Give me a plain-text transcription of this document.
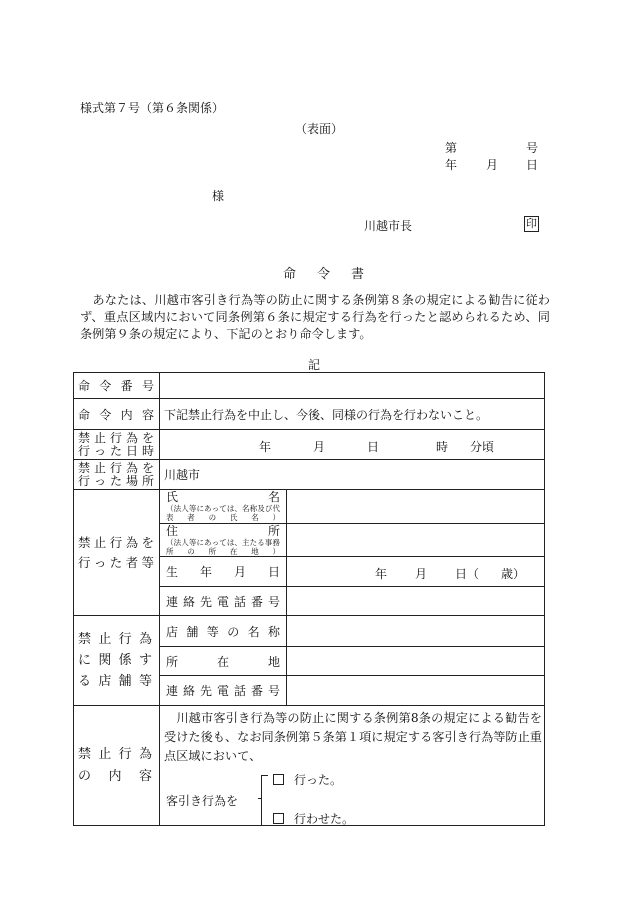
様式第７号（第６条関係）
（表面）
第	号
年 月 日
様
川越市長	印
命　令　書
　あなたは、川越市客引き行為等の防止に関する条例第８条の規定による勧告に従わず、重点区域内において同条例第６条に規定する行為を行ったと認められるため、同条例第９条の規定により、下記のとおり命令します。
記
命令番号		
命令内容	下記禁止行為を中止し、今後、同様の行為を行わないこと。	
禁止行為を行った日時	年 月 日 時 分頃	

禁止行為を行った場所	川越市	
禁止行為を行った者等	氏名
（法人等にあっては、名称及び代表者の氏名）	

	住所
（法人等にあっては、主たる事務所の所在地）	

	生年月日	年 月 日（ 歳）

	連絡先電話番号	
禁止行為に関係する店舗等	店舗等の名称	
	所在地	
	連絡先電話番号	
禁止行為の内容	　川越市客引き行為等の防止に関する条例第8条の規定による勧告を受けた後も、なお同条例第５条第１項に規定する客引き行為等防止重点区域において、
客引き行為を
行った。
行わせた。	
